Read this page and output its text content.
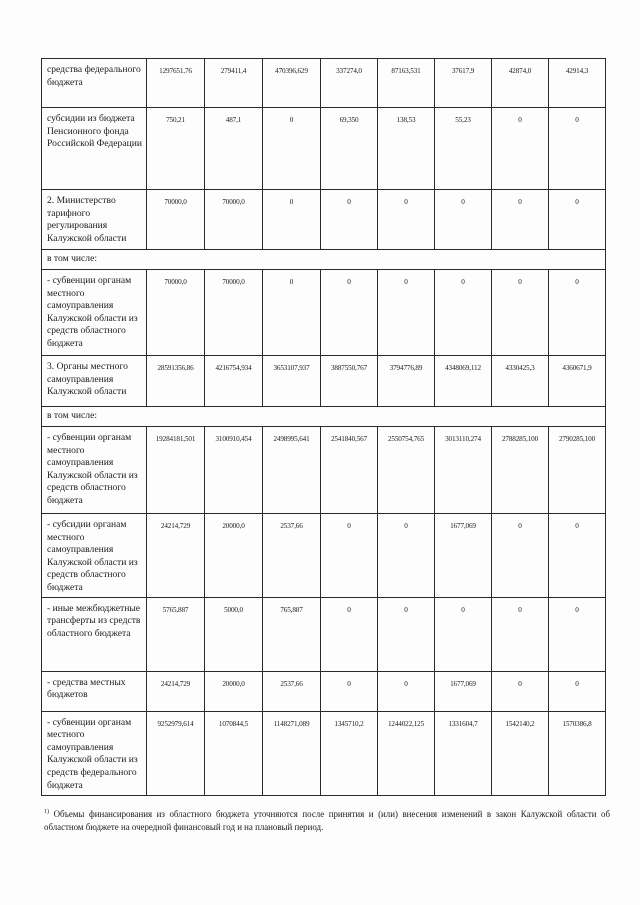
средства федерального бюджета	1297651,76	279411,4	470396,629	337274,0	87163,531	37617,9	42874,0	42914,3
субсидии из бюджета Пенсионного фонда Российской Федерации	750,21	487,1	0	69,350	138,53	55,23	0	0
2. Министерство тарифного регулирования Калужской области	70000,0	70000,0	0	0	0	0	0	0
в том числе:								
- субвенции органам местного самоуправления Калужской области из средств областного бюджета	70000,0	70000,0	0	0	0	0	0	0
3. Органы местного самоуправления Калужской области	28591356,86	4216754,934	3653107,937	3887550,767	3794776,89	4348069,112	4330425,3	4360671,9
в том числе:								
- субвенции органам местного самоуправления Калужской области из средств областного бюджета	19284181,501	3100910,454	2498995,641	2541840,567	2550754,765	3013110,274	2788285,100	2790285,100
- субсидии органам местного самоуправления Калужской области из средств областного бюджета	24214,729	20000,0	2537,66	0	0	1677,069	0	0
- иные межбюджетные трансферты из средств областного бюджета	5765,887	5000,0	765,887	0	0	0	0	0
- средства местных бюджетов	24214,729	20000,0	2537,66	0	0	1677,069	0	0
- субвенции органам местного самоуправления Калужской области из средств федерального бюджета	9252979,614	1070844,5	1148271,089	1345710,2	1244022,125	1331604,7	1542140,2	1570386,8
$^{1)}$ Объемы финансирования из областного бюджета уточняются после принятия и (или) внесения изменений в закон Калужской области об областном бюджете на очередной финансовый год и на плановый период.
